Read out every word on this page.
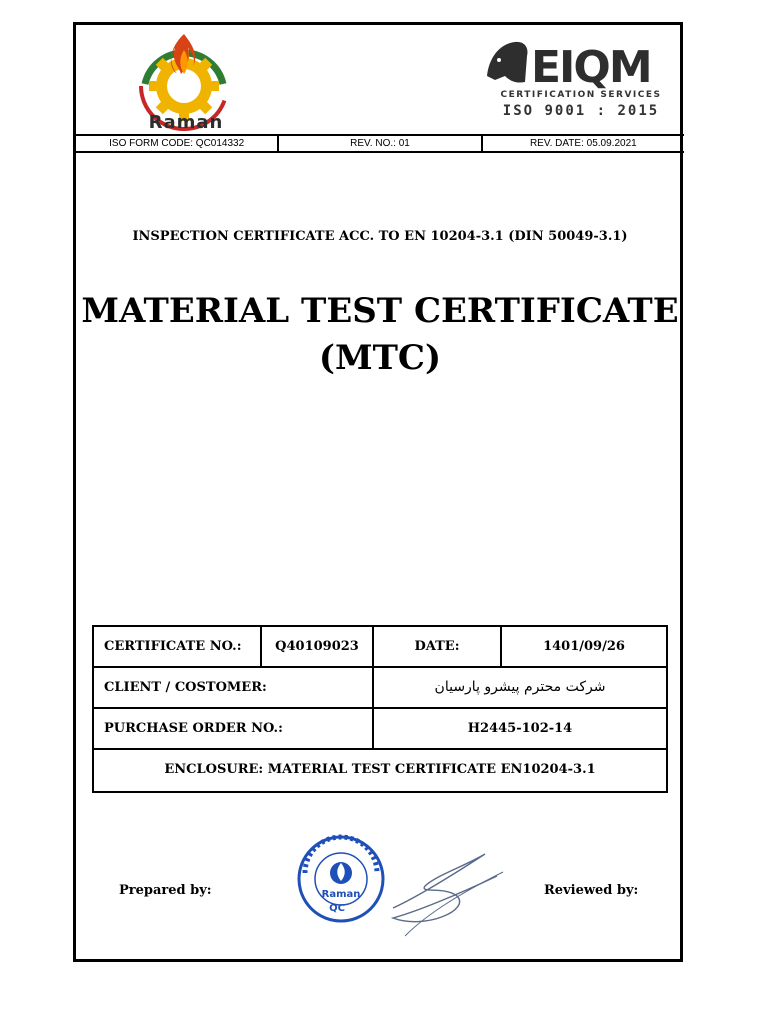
Raman
EIQM
CERTIFICATION SERVICES
ISO 9001 : 2015
ISO FORM CODE: QC014332	REV. NO.: 01	REV. DATE: 05.09.2021
INSPECTION CERTIFICATE ACC. TO EN 10204-3.1 (DIN 50049-3.1)
MATERIAL TEST CERTIFICATE
(MTC)
CERTIFICATE NO.:	Q40109023	DATE:	1401/09/26
CLIENT / COSTOMER:	شرکت محترم پیشرو پارسیان
PURCHASE ORDER NO.:	H2445-102-14
ENCLOSURE: MATERIAL TEST CERTIFICATE EN10204-3.1
Prepared by:	Reviewed by:
Raman
QC
